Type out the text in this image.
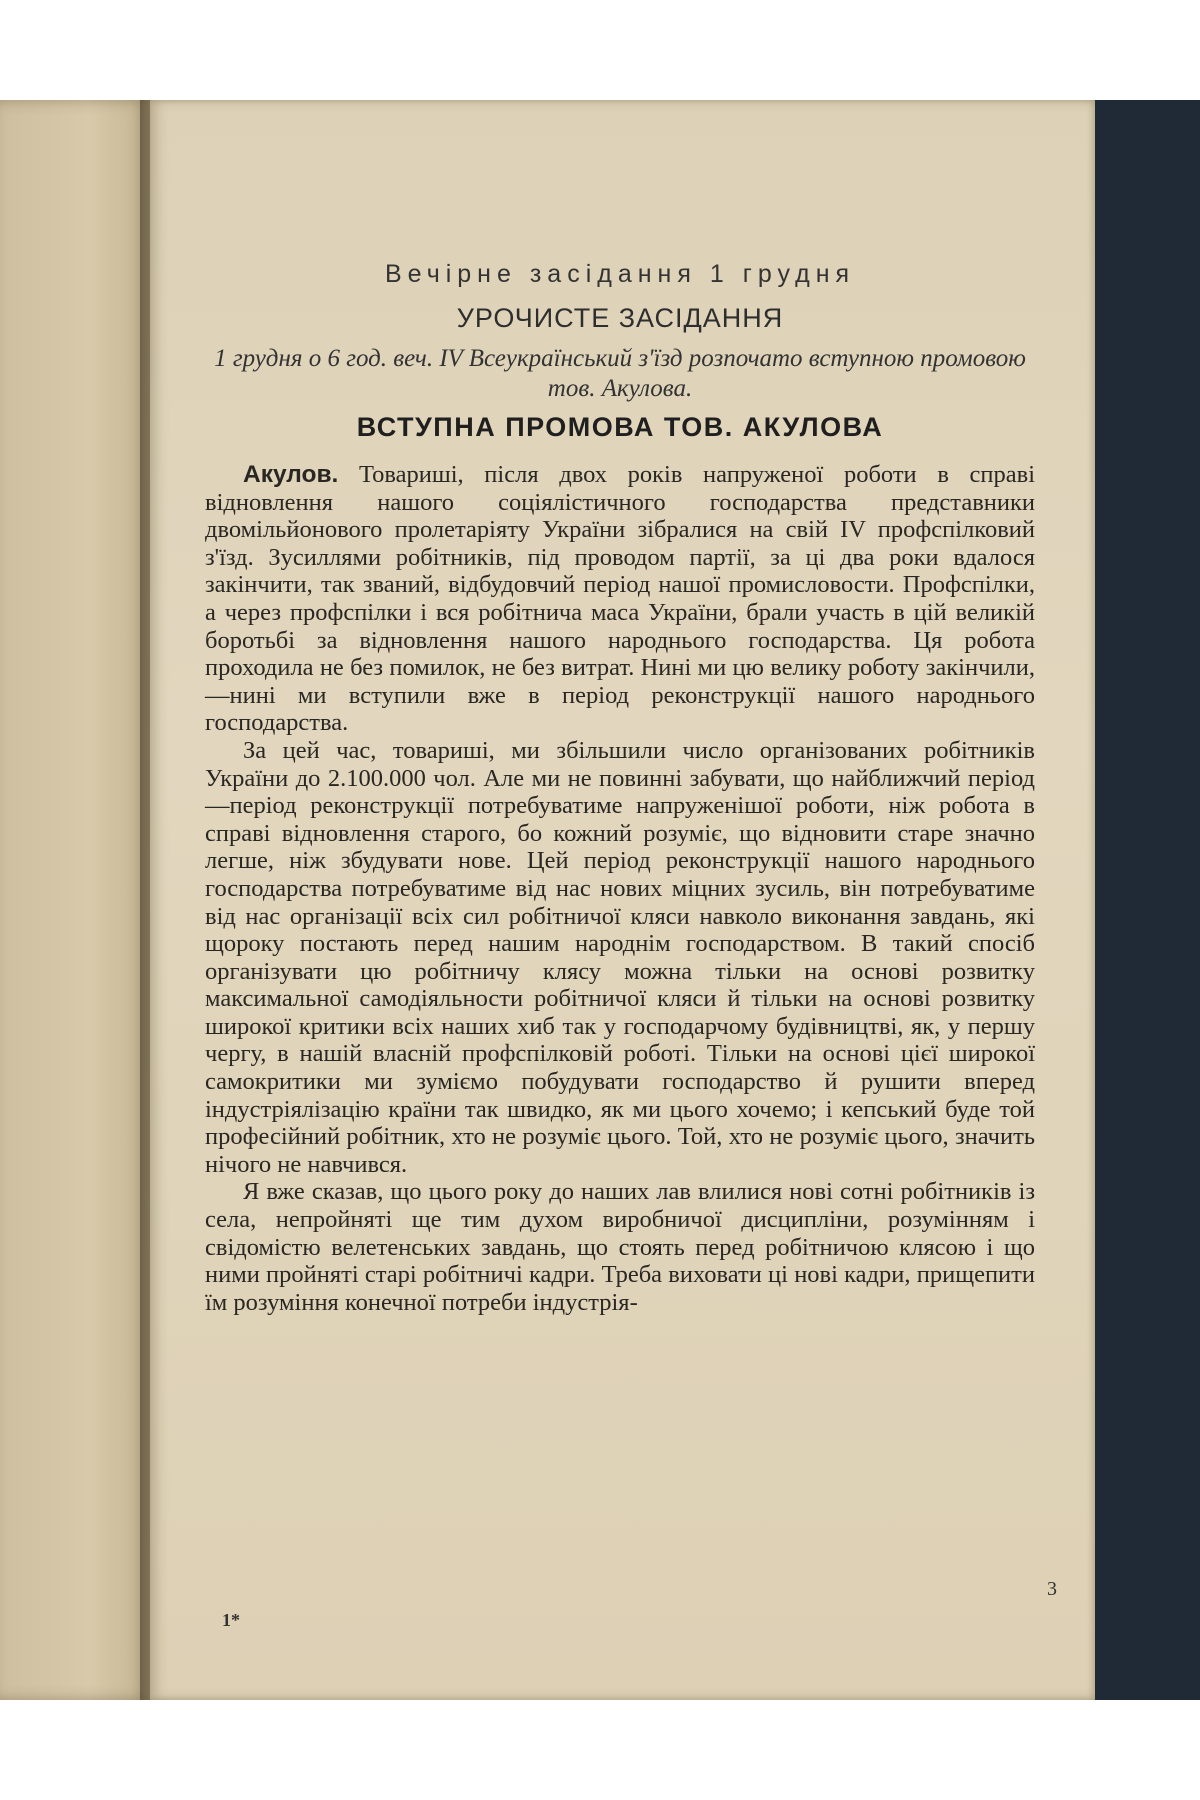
Вечірне засідання 1 грудня
УРОЧИСТЕ ЗАСІДАННЯ
1 грудня о 6 год. веч. IV Всеукраїнський з'їзд розпочато вступною промовою тов. Акулова.
ВСТУПНА ПРОМОВА ТОВ. АКУЛОВА

Акулов. Товариші, після двох років напруженої роботи в справі відновлення нашого соціялістичного господарства представники двомільйонового пролетаріяту України зібралися на свій IV профспілковий з'їзд. Зусиллями робітників, під проводом партії, за ці два роки вдалося закінчити, так званий, відбудовчий період нашої промисловости. Профспілки, а через профспілки і вся робітнича маса України, брали участь в цій великій боротьбі за відновлення нашого народнього господарства. Ця робота проходила не без помилок, не без витрат. Нині ми цю велику роботу закінчили,—нині ми вступили вже в період реконструкції нашого народнього господарства.

За цей час, товариші, ми збільшили число організованих робітників України до 2.100.000 чол. Але ми не повинні забувати, що найближчий період—період реконструкції потребуватиме напруженішої роботи, ніж робота в справі відновлення старого, бо кожний розуміє, що відновити старе значно легше, ніж збудувати нове. Цей період реконструкції нашого народнього господарства потребуватиме від нас нових міцних зусиль, він потребуватиме від нас організації всіх сил робітничої кляси навколо виконання завдань, які щороку постають перед нашим народнім господарством. В такий спосіб організувати цю робітничу клясу можна тільки на основі розвитку максимальної самодіяльности робітничої кляси й тільки на основі розвитку широкої критики всіх наших хиб так у господарчому будівництві, як, у першу чергу, в нашій власній профспілковій роботі. Тільки на основі цієї широкої самокритики ми зуміємо побудувати господарство й рушити вперед індустріялізацію країни так швидко, як ми цього хочемо; і кепський буде той професійний робітник, хто не розуміє цього. Той, хто не розуміє цього, значить нічого не навчився.

Я вже сказав, що цього року до наших лав влилися нові сотні робітників із села, непройняті ще тим духом виробничої дисципліни, розумінням і свідомістю велетенських завдань, що стоять перед робітничою клясою і що ними пройняті старі робітничі кадри. Треба виховати ці нові кадри, прищепити їм розуміння конечної потреби індустрія-

3
1*
